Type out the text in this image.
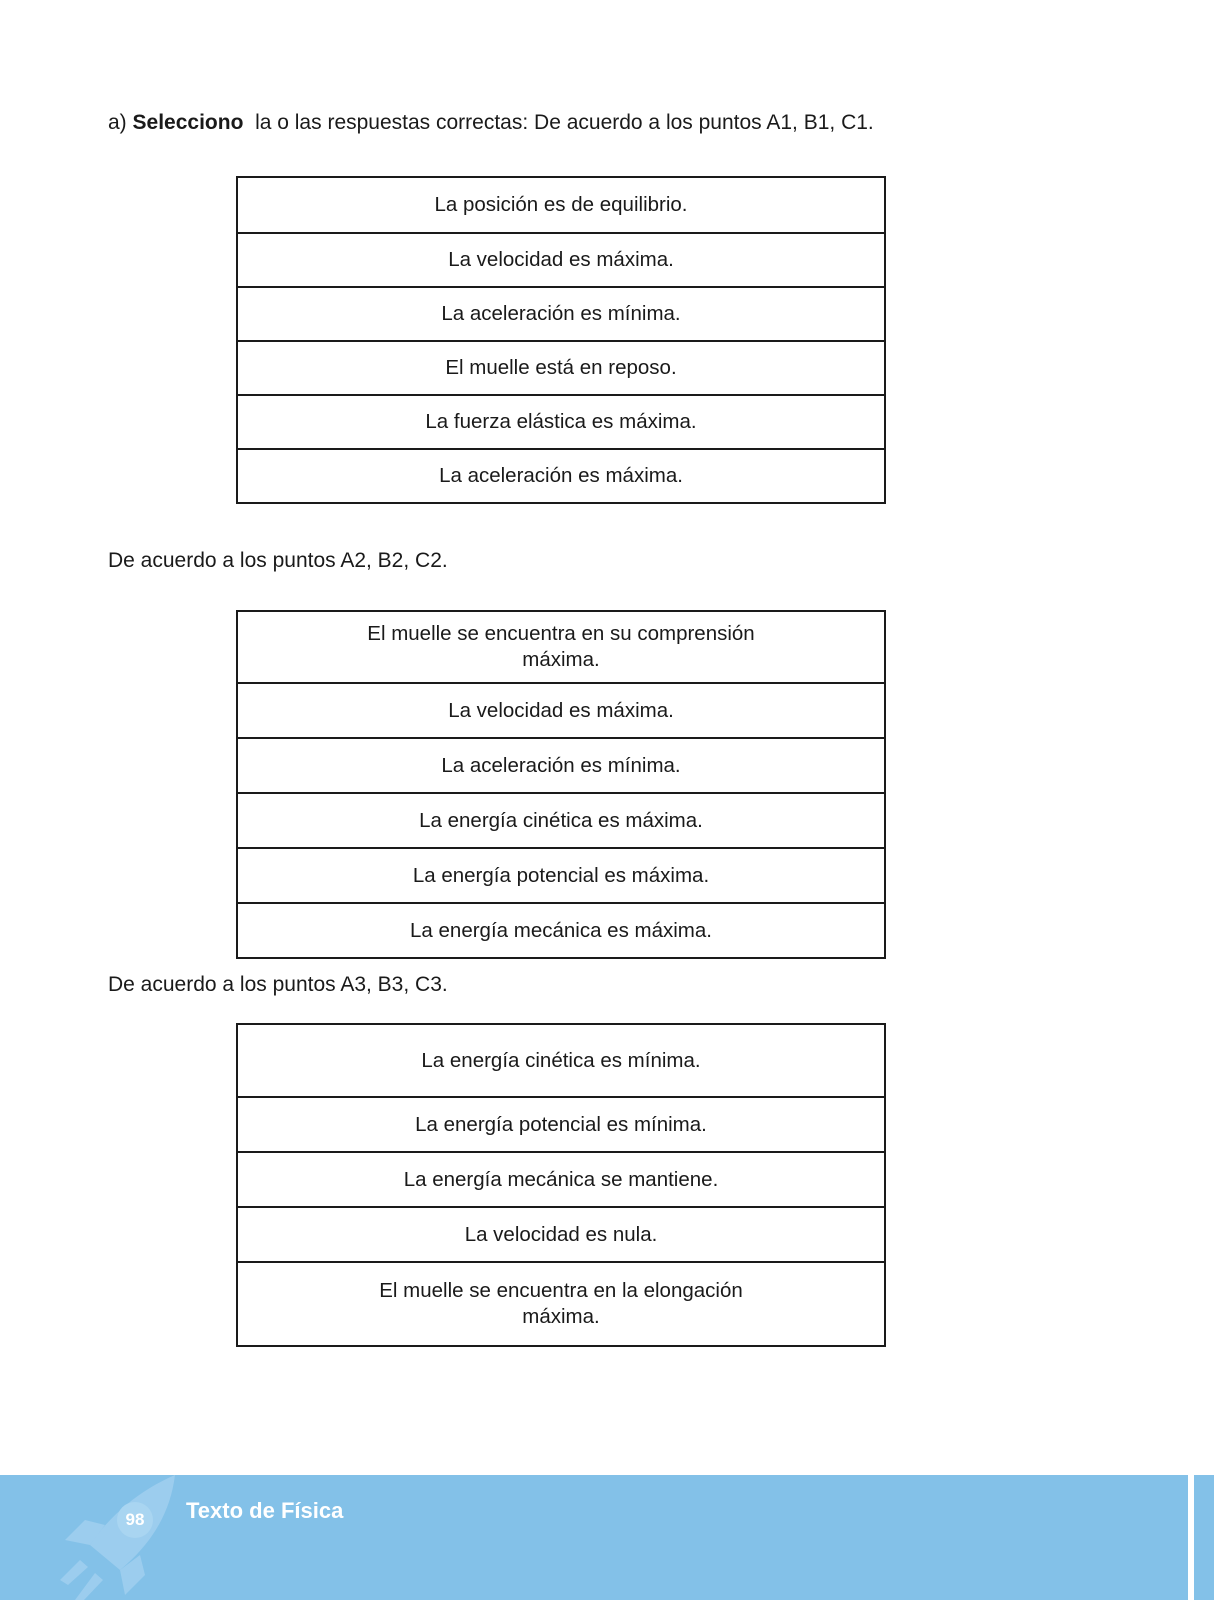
a) Selecciono  la o las respuestas correctas: De acuerdo a los puntos A1, B1, C1.

La posición es de equilibrio.
La velocidad es máxima.
La aceleración es mínima.
El muelle está en reposo.
La fuerza elástica es máxima.
La aceleración es máxima.

De acuerdo a los puntos A2, B2, C2.

El muelle se encuentra en su comprensión máxima.
La velocidad es máxima.
La aceleración es mínima.
La energía cinética es máxima.
La energía potencial es máxima.
La energía mecánica es máxima.

De acuerdo a los puntos A3, B3, C3.

La energía cinética es mínima.
La energía potencial es mínima.
La energía mecánica se mantiene.
La velocidad es nula.
El muelle se encuentra en la elongación máxima.
98	Texto de Física
